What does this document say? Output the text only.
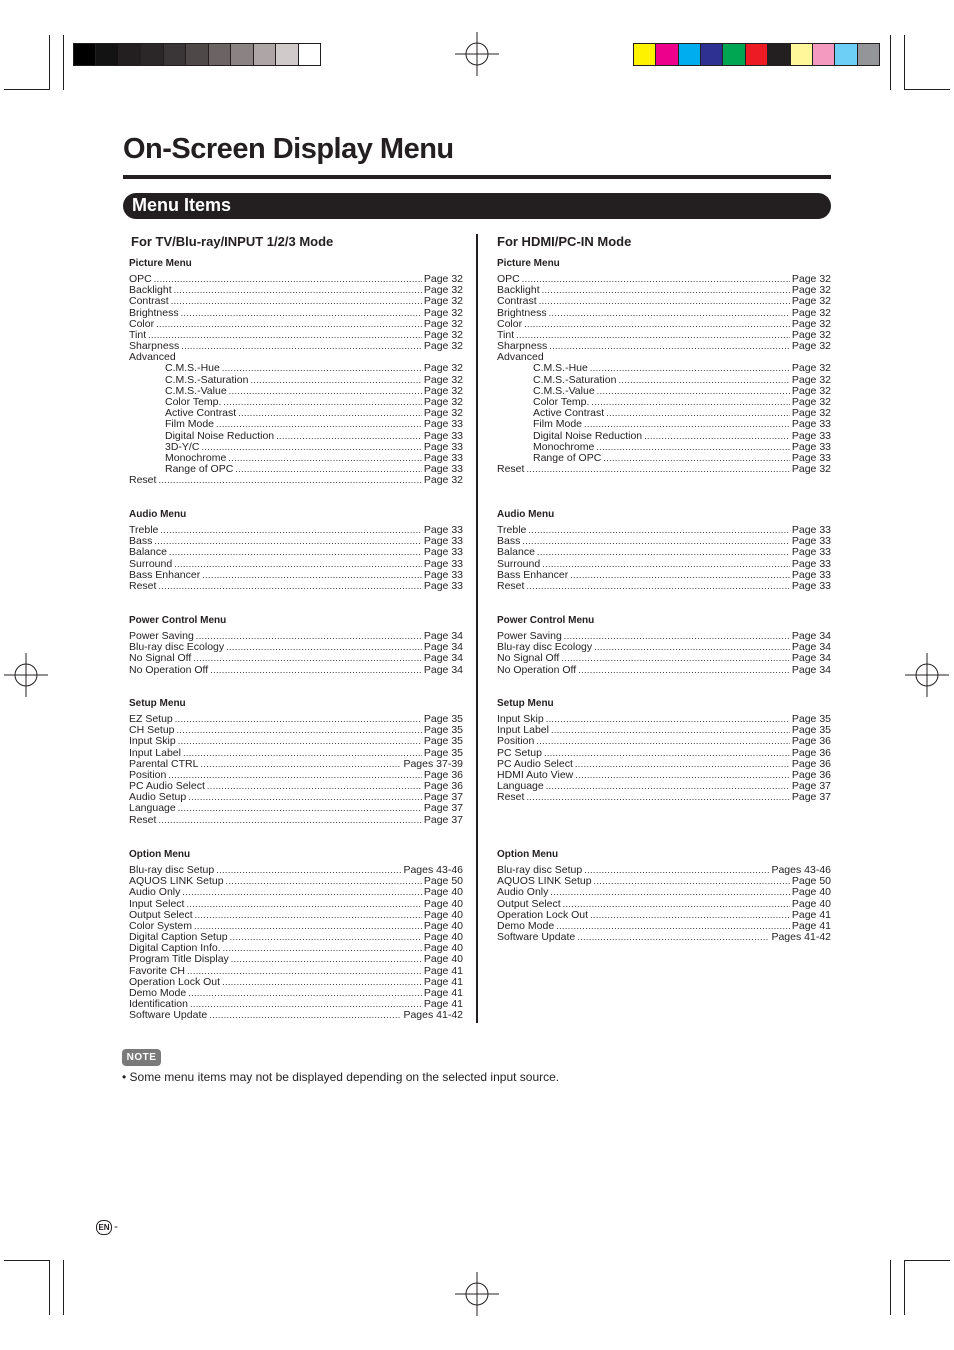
On-Screen Display Menu
Menu Items
For TV/Blu-ray/INPUT 1/2/3 Mode
Picture Menu
OPC .....	Page 32
Backlight .....	Page 32
Contrast .....	Page 32
Brightness .....	Page 32
Color .....	Page 32
Tint .....	Page 32
Sharpness .....	Page 32
Advanced
C.M.S.-Hue .....	Page 32
C.M.S.-Saturation .....	Page 32
C.M.S.-Value .....	Page 32
Color Temp. .....	Page 32
Active Contrast .....	Page 32
Film Mode .....	Page 33
Digital Noise Reduction .....	Page 33
3D-Y/C .....	Page 33
Monochrome .....	Page 33
Range of OPC .....	Page 33
Reset .....	Page 32
Audio Menu
Treble .....	Page 33
Bass .....	Page 33
Balance .....	Page 33
Surround .....	Page 33
Bass Enhancer .....	Page 33
Reset .....	Page 33
Power Control Menu
Power Saving .....	Page 34
Blu-ray disc Ecology .....	Page 34
No Signal Off .....	Page 34
No Operation Off .....	Page 34
Setup Menu
EZ Setup .....	Page 35
CH Setup .....	Page 35
Input Skip .....	Page 35
Input Label .....	Page 35
Parental CTRL .....	Pages 37-39
Position .....	Page 36
PC Audio Select .....	Page 36
Audio Setup .....	Page 37
Language .....	Page 37
Reset .....	Page 37
Option Menu
Blu-ray disc Setup .....	Pages 43-46
AQUOS LINK Setup .....	Page 50
Audio Only .....	Page 40
Input Select .....	Page 40
Output Select .....	Page 40
Color System .....	Page 40
Digital Caption Setup .....	Page 40
Digital Caption Info. .....	Page 40
Program Title Display .....	Page 40
Favorite CH .....	Page 41
Operation Lock Out .....	Page 41
Demo Mode .....	Page 41
Identification .....	Page 41
Software Update .....	Pages 41-42
For HDMI/PC-IN Mode
Picture Menu
OPC .....	Page 32
Backlight .....	Page 32
Contrast .....	Page 32
Brightness .....	Page 32
Color .....	Page 32
Tint .....	Page 32
Sharpness .....	Page 32
Advanced
C.M.S.-Hue .....	Page 32
C.M.S.-Saturation .....	Page 32
C.M.S.-Value .....	Page 32
Color Temp. .....	Page 32
Active Contrast .....	Page 32
Film Mode .....	Page 33
Digital Noise Reduction .....	Page 33
Monochrome .....	Page 33
Range of OPC .....	Page 33
Reset .....	Page 32
Audio Menu
Treble .....	Page 33
Bass .....	Page 33
Balance .....	Page 33
Surround .....	Page 33
Bass Enhancer .....	Page 33
Reset .....	Page 33
Power Control Menu
Power Saving .....	Page 34
Blu-ray disc Ecology .....	Page 34
No Signal Off .....	Page 34
No Operation Off .....	Page 34
Setup Menu
Input Skip .....	Page 35
Input Label .....	Page 35
Position .....	Page 36
PC Setup .....	Page 36
PC Audio Select .....	Page 36
HDMI Auto View .....	Page 36
Language .....	Page 37
Reset .....	Page 37
Option Menu
Blu-ray disc Setup .....	Pages 43-46
AQUOS LINK Setup .....	Page 50
Audio Only .....	Page 40
Output Select .....	Page 40
Operation Lock Out .....	Page 41
Demo Mode .....	Page 41
Software Update .....	Pages 41-42
NOTE
• Some menu items may not be displayed depending on the selected input source.
EN -
